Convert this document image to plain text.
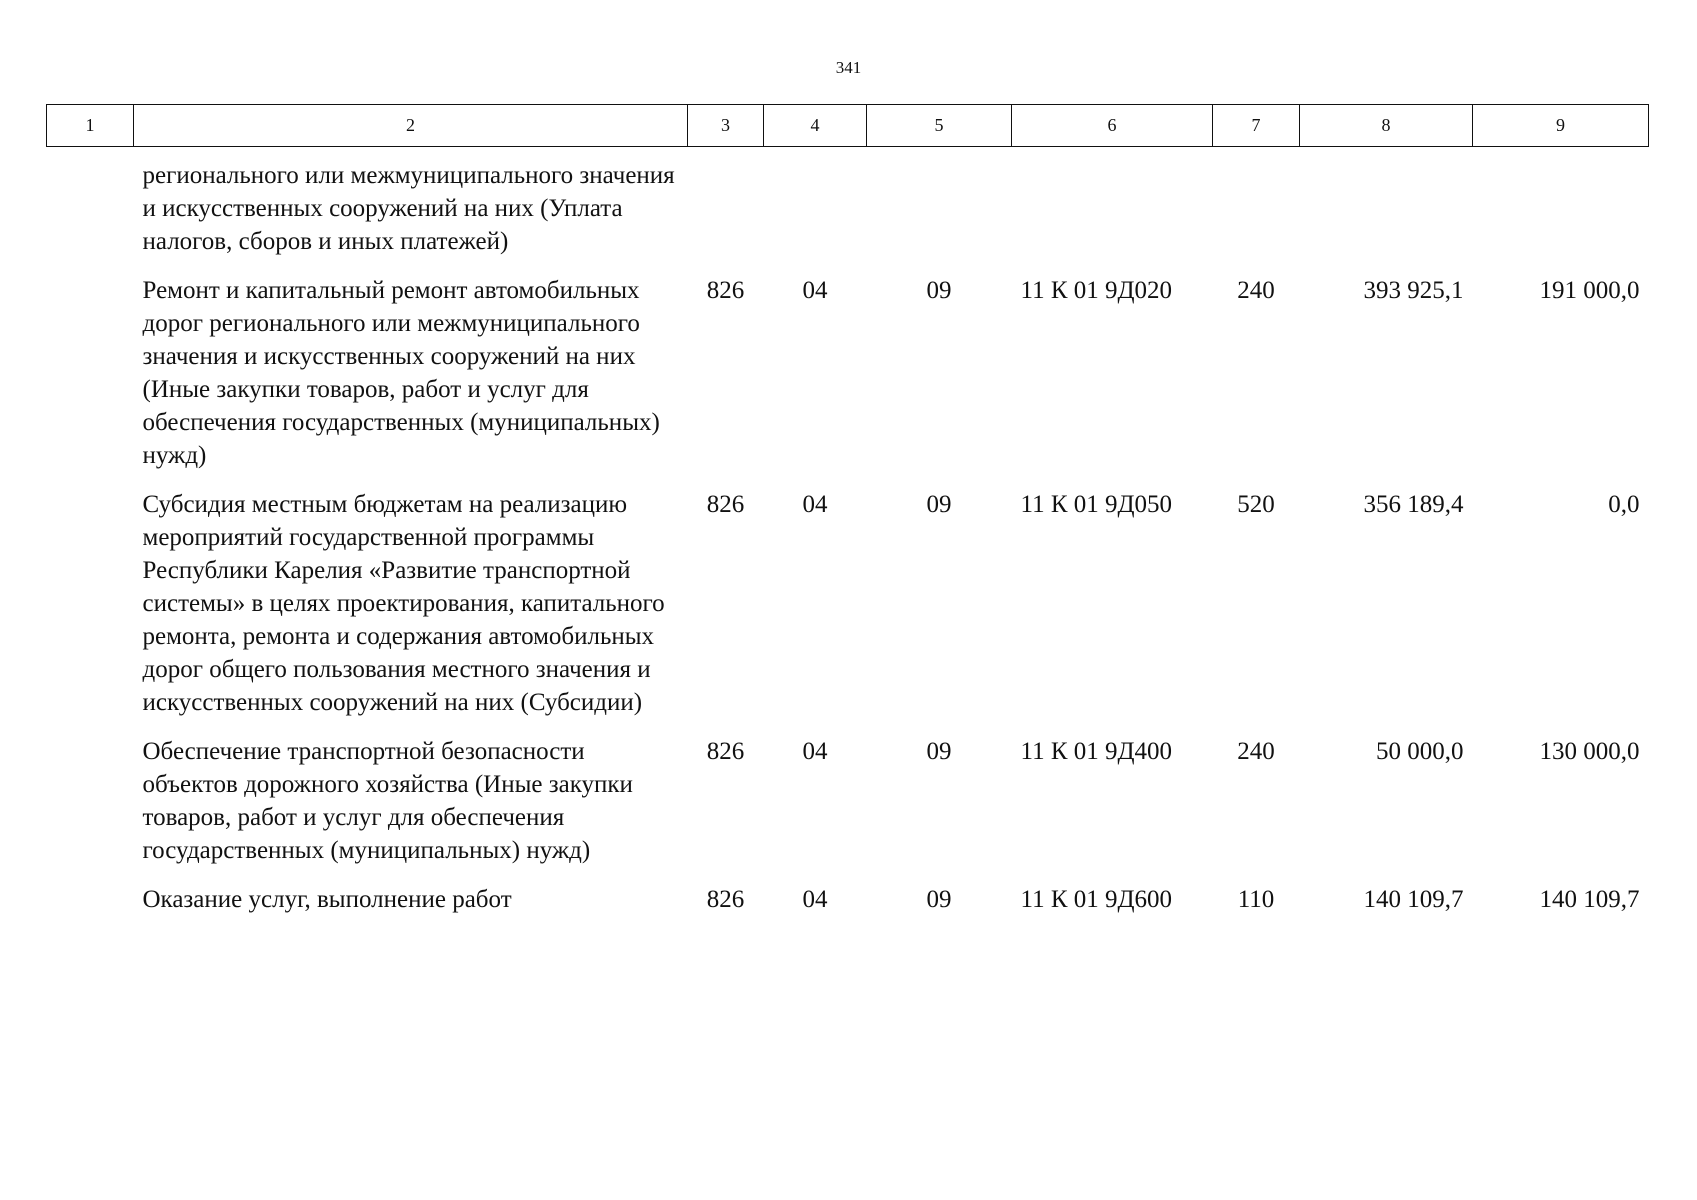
341
1	2	3	4	5	6	7	8	9
	регионального или межмуниципального значения и искусственных сооружений на них (Уплата налогов, сборов и иных платежей)							
	Ремонт и капитальный ремонт автомобильных дорог регионального или межмуниципального значения и искусственных сооружений на них (Иные закупки товаров, работ и услуг для обеспечения государственных (муниципальных) нужд)	826	04	09	11 К 01 9Д020	240	393 925,1	191 000,0
	Субсидия местным бюджетам на реализацию мероприятий государственной программы Республики Карелия «Развитие транспортной системы» в целях проектирования, капитального ремонта, ремонта и содержания автомобильных дорог общего пользования местного значения и искусственных сооружений на них (Субсидии)	826	04	09	11 К 01 9Д050	520	356 189,4	0,0
	Обеспечение транспортной безопасности объектов дорожного хозяйства (Иные закупки товаров, работ и услуг для обеспечения государственных (муниципальных) нужд)	826	04	09	11 К 01 9Д400	240	50 000,0	130 000,0
	Оказание услуг, выполнение работ	826	04	09	11 К 01 9Д600	110	140 109,7	140 109,7
